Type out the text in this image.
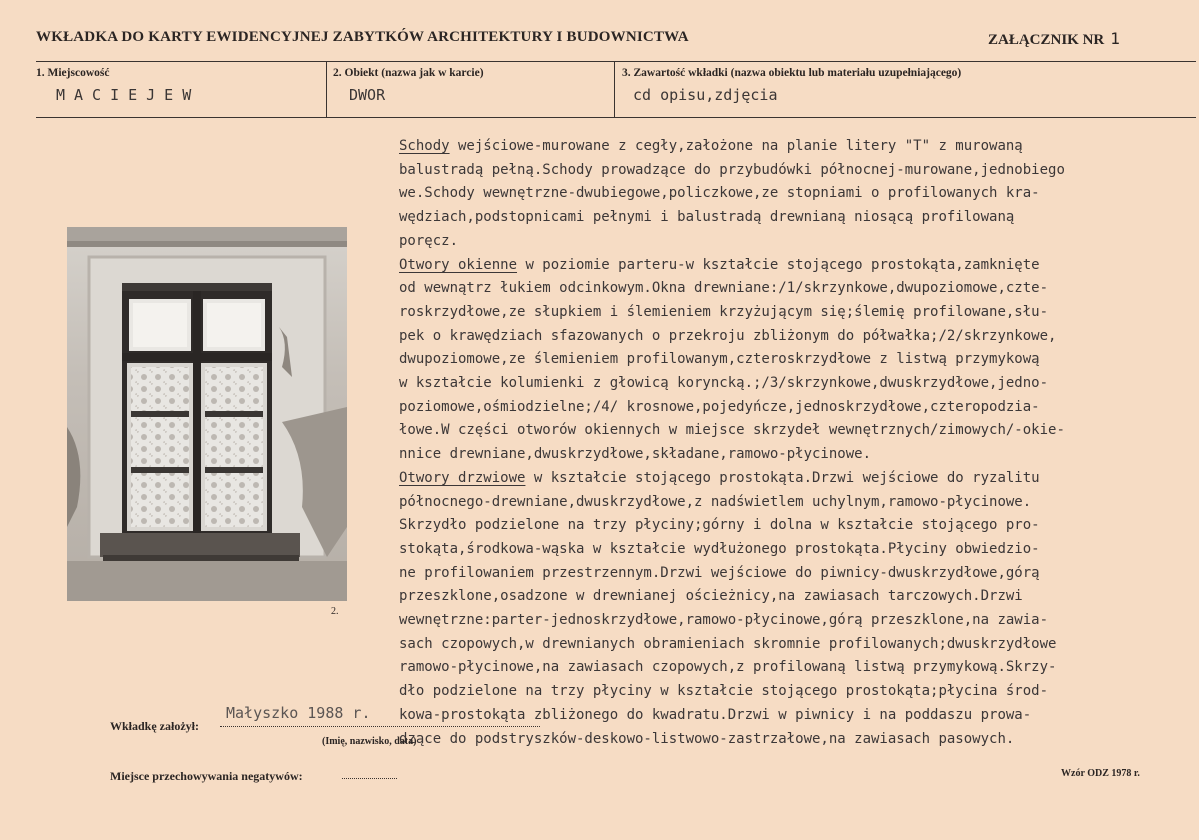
WKŁADKA DO KARTY EWIDENCYJNEJ ZABYTKÓW ARCHITEKTURY I BUDOWNICTWA	ZAŁĄCZNIK NR 1
1. Miejscowość
MACIEJEW
2. Obiekt (nazwa jak w karcie)
DWOR
3. Zawartość wkładki (nazwa obiektu lub materiału uzupełniającego)
cd opisu,zdjęcia
2.
Schody wejściowe-murowane z cegły,założone na planie litery "T" z murowaną
balustradą pełną.Schody prowadzące do przybudówki północnej-murowane,jednobiego
we.Schody wewnętrzne-dwubiegowe,policzkowe,ze stopniami o profilowanych kra-
wędziach,podstopnicami pełnymi i balustradą drewnianą niosącą profilowaną
poręcz.
Otwory okienne w poziomie parteru-w kształcie stojącego prostokąta,zamknięte
od wewnątrz łukiem odcinkowym.Okna drewniane:/1/skrzynkowe,dwupoziomowe,czte-
roskrzydłowe,ze słupkiem i ślemieniem krzyżującym się;ślemię profilowane,słu-
pek o krawędziach sfazowanych o przekroju zbliżonym do półwałka;/2/skrzynkowe,
dwupoziomowe,ze ślemieniem profilowanym,czteroskrzydłowe z listwą przymykową
w kształcie kolumienki z głowicą koryncką.;/3/skrzynkowe,dwuskrzydłowe,jedno-
poziomowe,ośmiodzielne;/4/ krosnowe,pojedyńcze,jednoskrzydłowe,czteropodzia-
łowe.W części otworów okiennych w miejsce skrzydeł wewnętrznych/zimowych/-okie-
nnice drewniane,dwuskrzydłowe,składane,ramowo-płycinowe.
Otwory drzwiowe w kształcie stojącego prostokąta.Drzwi wejściowe do ryzalitu
północnego-drewniane,dwuskrzydłowe,z nadświetlem uchylnym,ramowo-płycinowe.
Skrzydło podzielone na trzy płyciny;górny i dolna w kształcie stojącego pro-
stokąta,środkowa-wąska w kształcie wydłużonego prostokąta.Płyciny obwiedzio-
ne profilowaniem przestrzennym.Drzwi wejściowe do piwnicy-dwuskrzydłowe,górą
przeszklone,osadzone w drewnianej ościeżnicy,na zawiasach tarczowych.Drzwi
wewnętrzne:parter-jednoskrzydłowe,ramowo-płycinowe,górą przeszklone,na zawia-
sach czopowych,w drewnianych obramieniach skromnie profilowanych;dwuskrzydłowe
ramowo-płycinowe,na zawiasach czopowych,z profilowaną listwą przymykową.Skrzy-
dło podzielone na trzy płyciny w kształcie stojącego prostokąta;płycina środ-
kowa-prostokąta zbliżonego do kwadratu.Drzwi w piwnicy i na poddaszu prowa-
dzące do podstryszków-deskowo-listwowo-zastrzałowe,na zawiasach pasowych.
Wkładkę założył:
Małyszko 1988 r.
(Imię, nazwisko, data)
Miejsce przechowywania negatywów:	Wzór ODZ 1978 r.
